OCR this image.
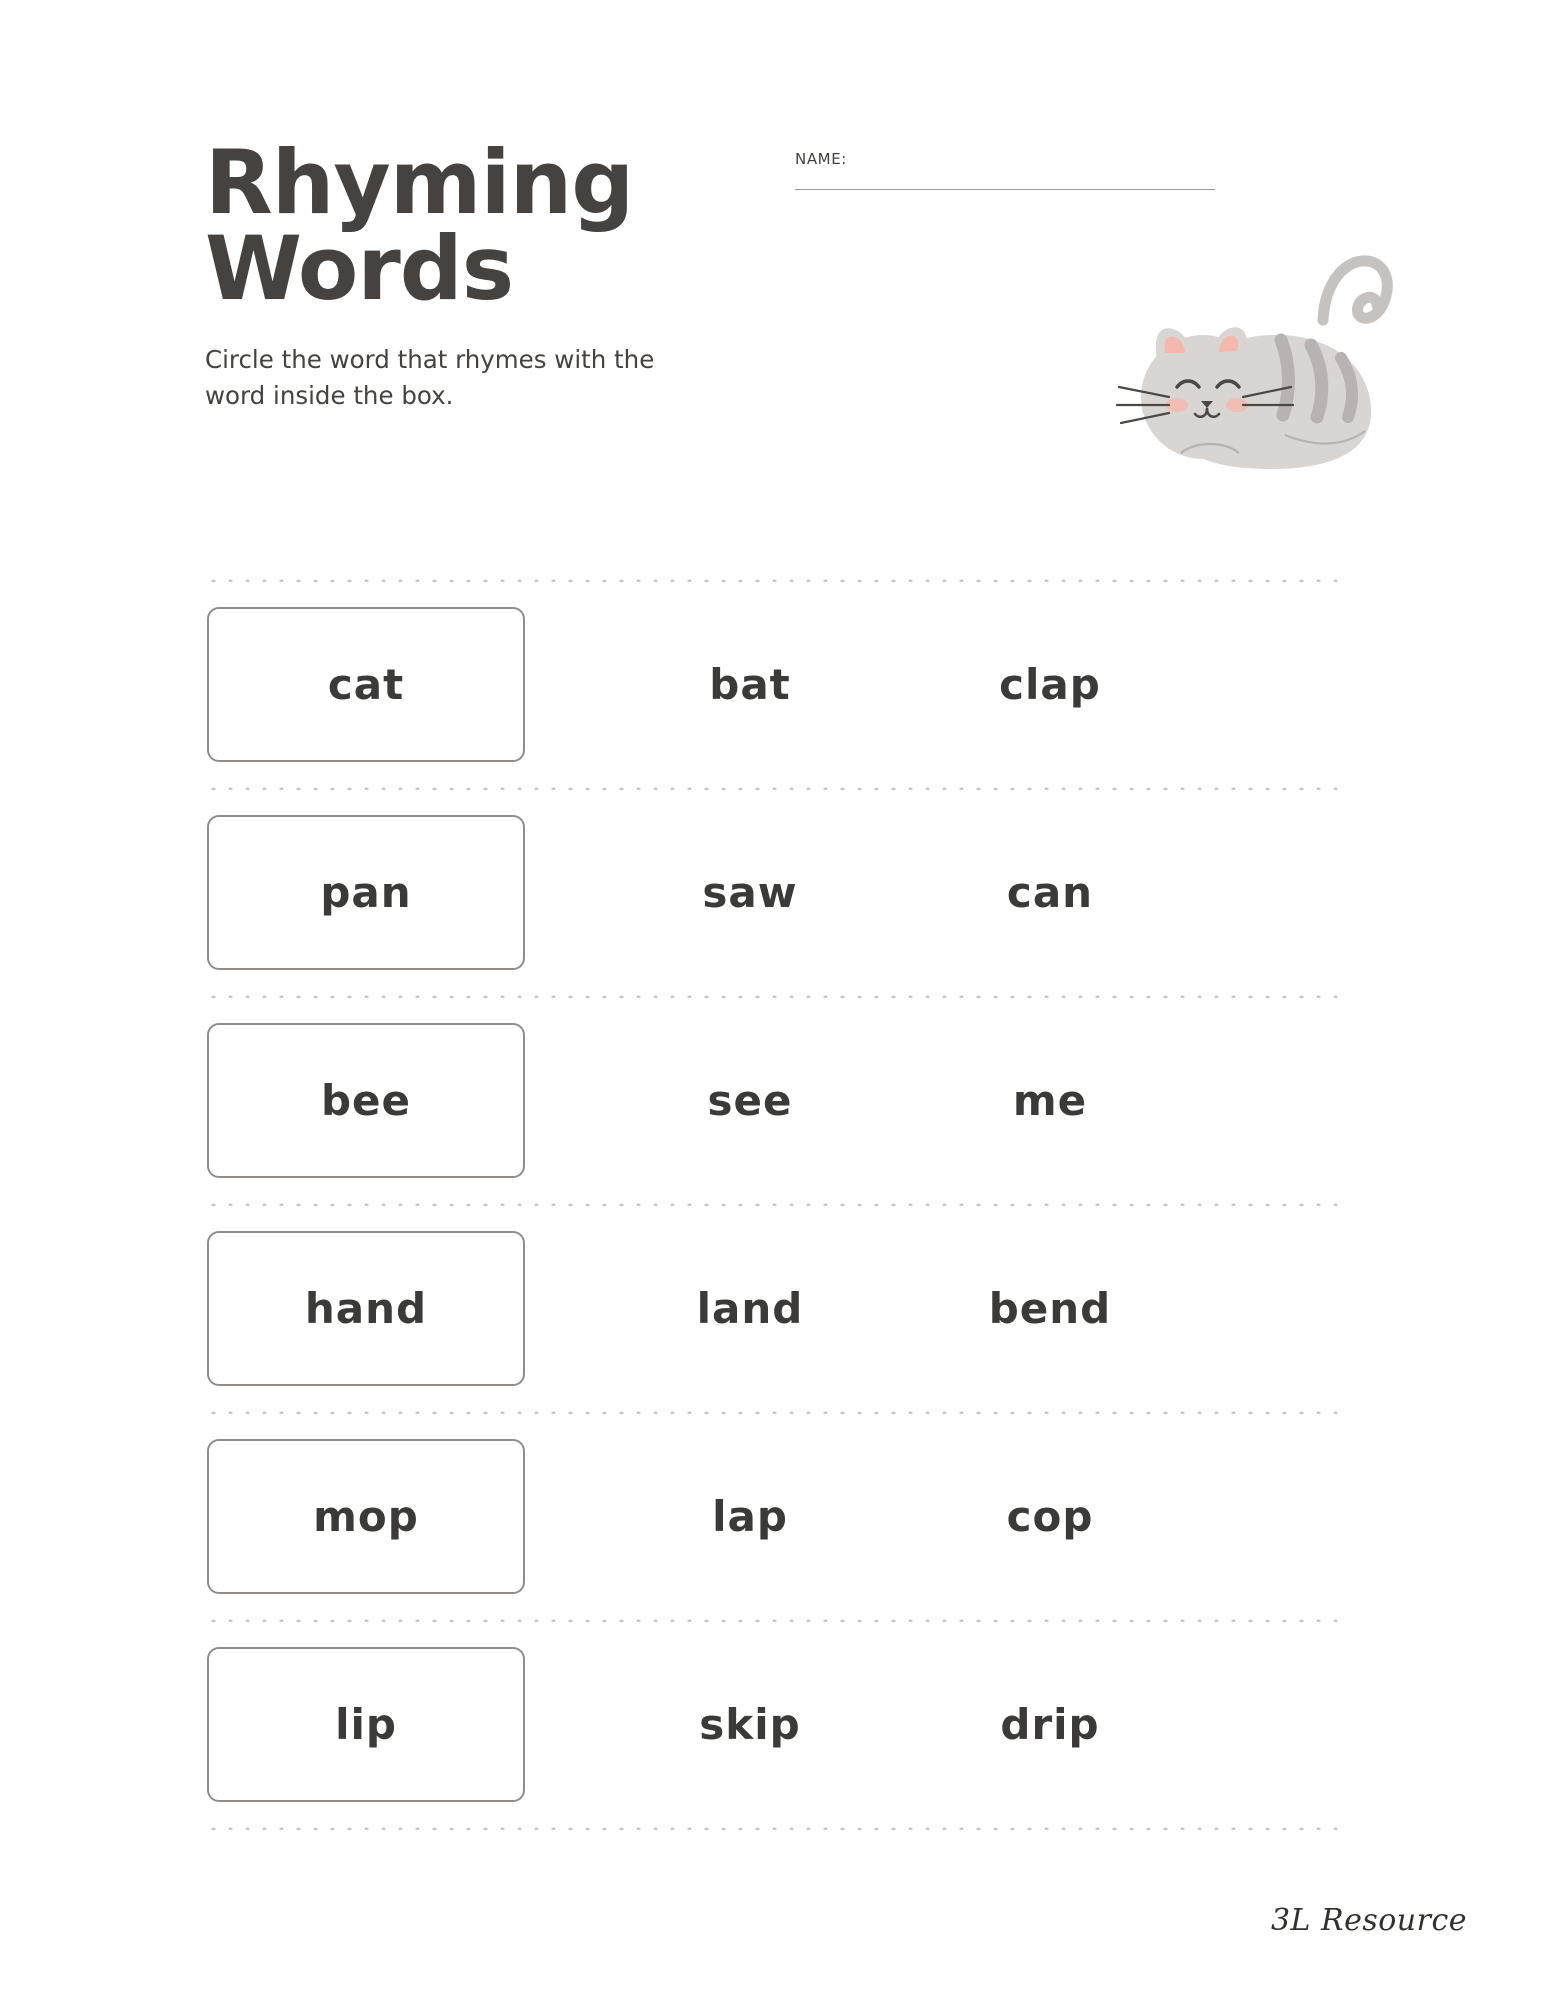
Rhyming
Words
Circle the word that rhymes with the word inside the box.
NAME:
cat	bat	clap
pan	saw	can
bee	see	me
hand	land	bend
mop	lap	cop
lip	skip	drip
3L Resource
